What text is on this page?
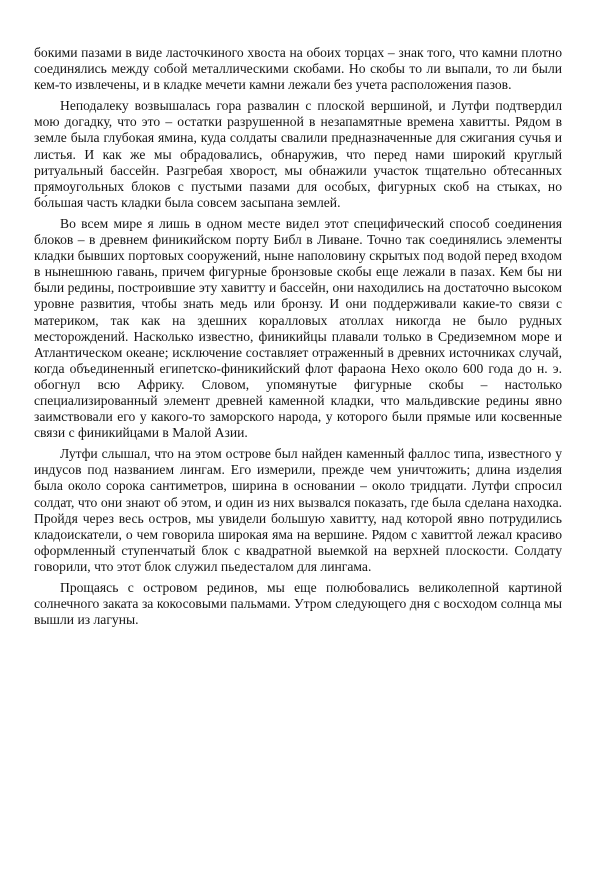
бокими пазами в виде ласточкиного хвоста на обоих торцах – знак того, что камни плотно соединялись между собой металлическими скобами. Но скобы то ли выпали, то ли были кем-то извлечены, и в кладке мечети камни лежали без учета расположения пазов.

Неподалеку возвышалась гора развалин с плоской вершиной, и Лутфи подтвердил мою догадку, что это – остатки разрушенной в незапамятные времена хавитты. Рядом в земле была глубокая ямина, куда солдаты свалили предназначенные для сжигания сучья и листья. И как же мы обрадовались, обнаружив, что перед нами широкий круглый ритуальный бассейн. Разгребая хворост, мы обнажили участок тщательно обтесанных прямоугольных блоков с пустыми пазами для особых, фигурных скоб на стыках, но бо́льшая часть кладки была совсем засыпана землей.

Во всем мире я лишь в одном месте видел этот специфический способ соединения блоков – в древнем финикийском порту Библ в Ливане. Точно так соединялись элементы кладки бывших портовых сооружений, ныне наполовину скрытых под водой перед входом в нынешнюю гавань, причем фигурные бронзовые скобы еще лежали в пазах. Кем бы ни были редины, построившие эту хавитту и бассейн, они находились на достаточно высоком уровне развития, чтобы знать медь или бронзу. И они поддерживали какие-то связи с материком, так как на здешних коралловых атоллах никогда не было рудных месторождений. Насколько известно, финикийцы плавали только в Средиземном море и Атлантическом океане; исключение составляет отраженный в древних источниках случай, когда объединенный египетско-финикийский флот фараона Нехо около 600 года до н. э. обогнул всю Африку. Словом, упомянутые фигурные скобы – настолько специализированный элемент древней каменной кладки, что мальдивские редины явно заимствовали его у какого-то заморского народа, у которого были прямые или косвенные связи с финикийцами в Малой Азии.

Лутфи слышал, что на этом острове был найден каменный фаллос типа, известного у индусов под названием лингам. Его измерили, прежде чем уничтожить; длина изделия была около сорока сантиметров, ширина в основании – около тридцати. Лутфи спросил солдат, что они знают об этом, и один из них вызвался показать, где была сделана находка. Пройдя через весь остров, мы увидели большую хавитту, над которой явно потрудились кладоискатели, о чем говорила широкая яма на вершине. Рядом с хавиттой лежал красиво оформленный ступенчатый блок с квадратной выемкой на верхней плоскости. Солдату говорили, что этот блок служил пьедесталом для лингама.

Прощаясь с островом рединов, мы еще полюбовались великолепной картиной солнечного заката за кокосовыми пальмами. Утром следующего дня с восходом солнца мы вышли из лагуны.
